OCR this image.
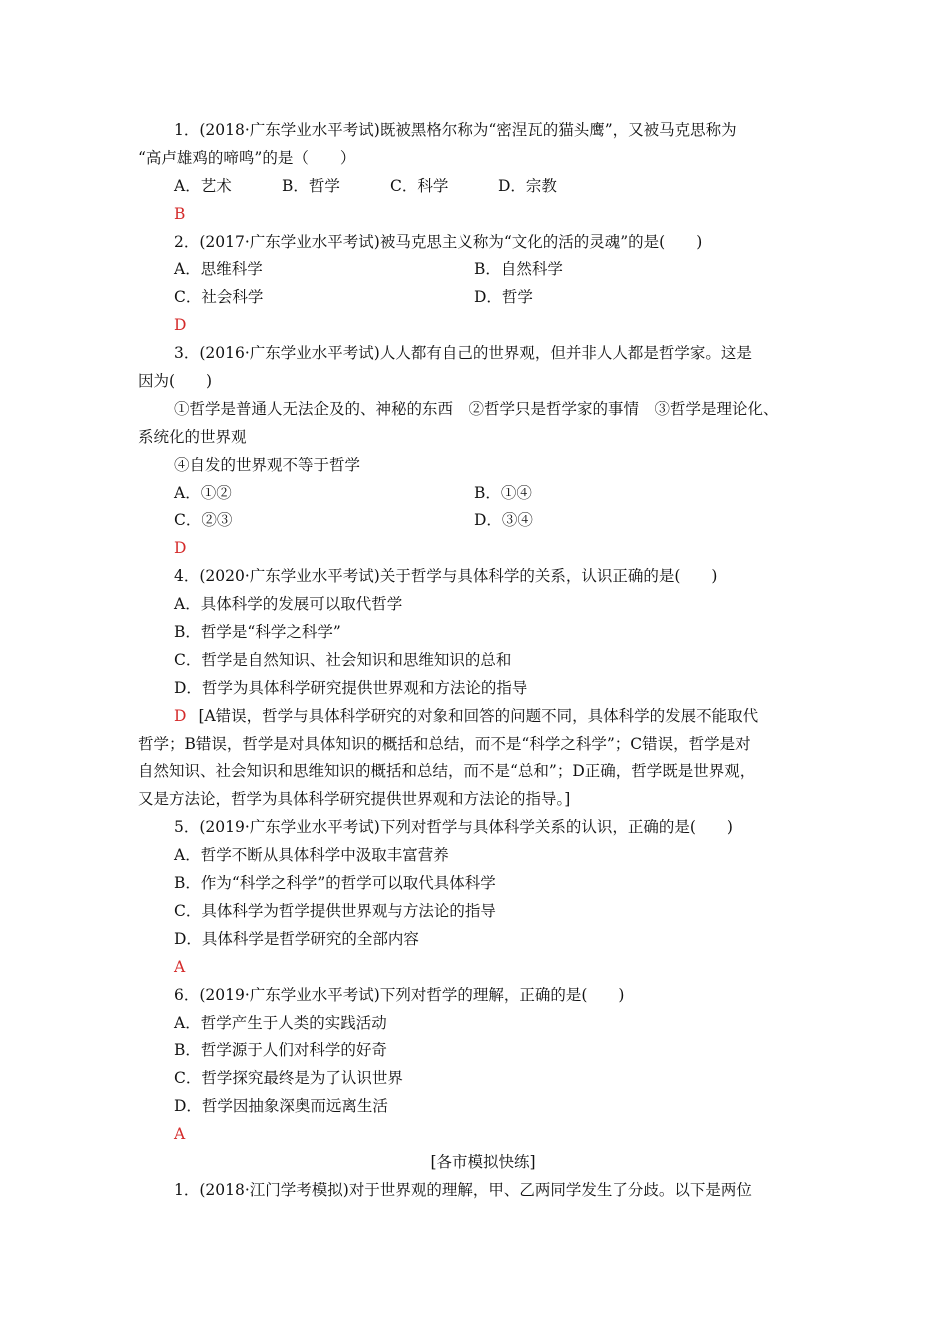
1．(2018·广东学业水平考试)既被黑格尔称为“密涅瓦的猫头鹰”，又被马克思称为
“高卢雄鸡的啼鸣”的是（　　）
A．艺术	B．哲学	C．科学	D．宗教
B
2．(2017·广东学业水平考试)被马克思主义称为“文化的活的灵魂”的是(　　)
A．思维科学	B．自然科学
C．社会科学	D．哲学
D
3．(2016·广东学业水平考试)人人都有自己的世界观，但并非人人都是哲学家。这是
因为(　　)
①哲学是普通人无法企及的、神秘的东西　②哲学只是哲学家的事情　③哲学是理论化、
系统化的世界观
④自发的世界观不等于哲学
A．①②	B．①④
C．②③	D．③④
D
4．(2020·广东学业水平考试)关于哲学与具体科学的关系，认识正确的是(　　)
A．具体科学的发展可以取代哲学
B．哲学是“科学之科学”
C．哲学是自然知识、社会知识和思维知识的总和
D．哲学为具体科学研究提供世界观和方法论的指导
D [A错误，哲学与具体科学研究的对象和回答的问题不同，具体科学的发展不能取代
哲学；B错误，哲学是对具体知识的概括和总结，而不是“科学之科学”；C错误，哲学是对
自然知识、社会知识和思维知识的概括和总结，而不是“总和”；D正确，哲学既是世界观，
又是方法论，哲学为具体科学研究提供世界观和方法论的指导。]
5．(2019·广东学业水平考试)下列对哲学与具体科学关系的认识，正确的是(　　)
A．哲学不断从具体科学中汲取丰富营养
B．作为“科学之科学”的哲学可以取代具体科学
C．具体科学为哲学提供世界观与方法论的指导
D．具体科学是哲学研究的全部内容
A
6．(2019·广东学业水平考试)下列对哲学的理解，正确的是(　　)
A．哲学产生于人类的实践活动
B．哲学源于人们对科学的好奇
C．哲学探究最终是为了认识世界
D．哲学因抽象深奥而远离生活
A
[各市模拟快练]
1．(2018·江门学考模拟)对于世界观的理解，甲、乙两同学发生了分歧。以下是两位
